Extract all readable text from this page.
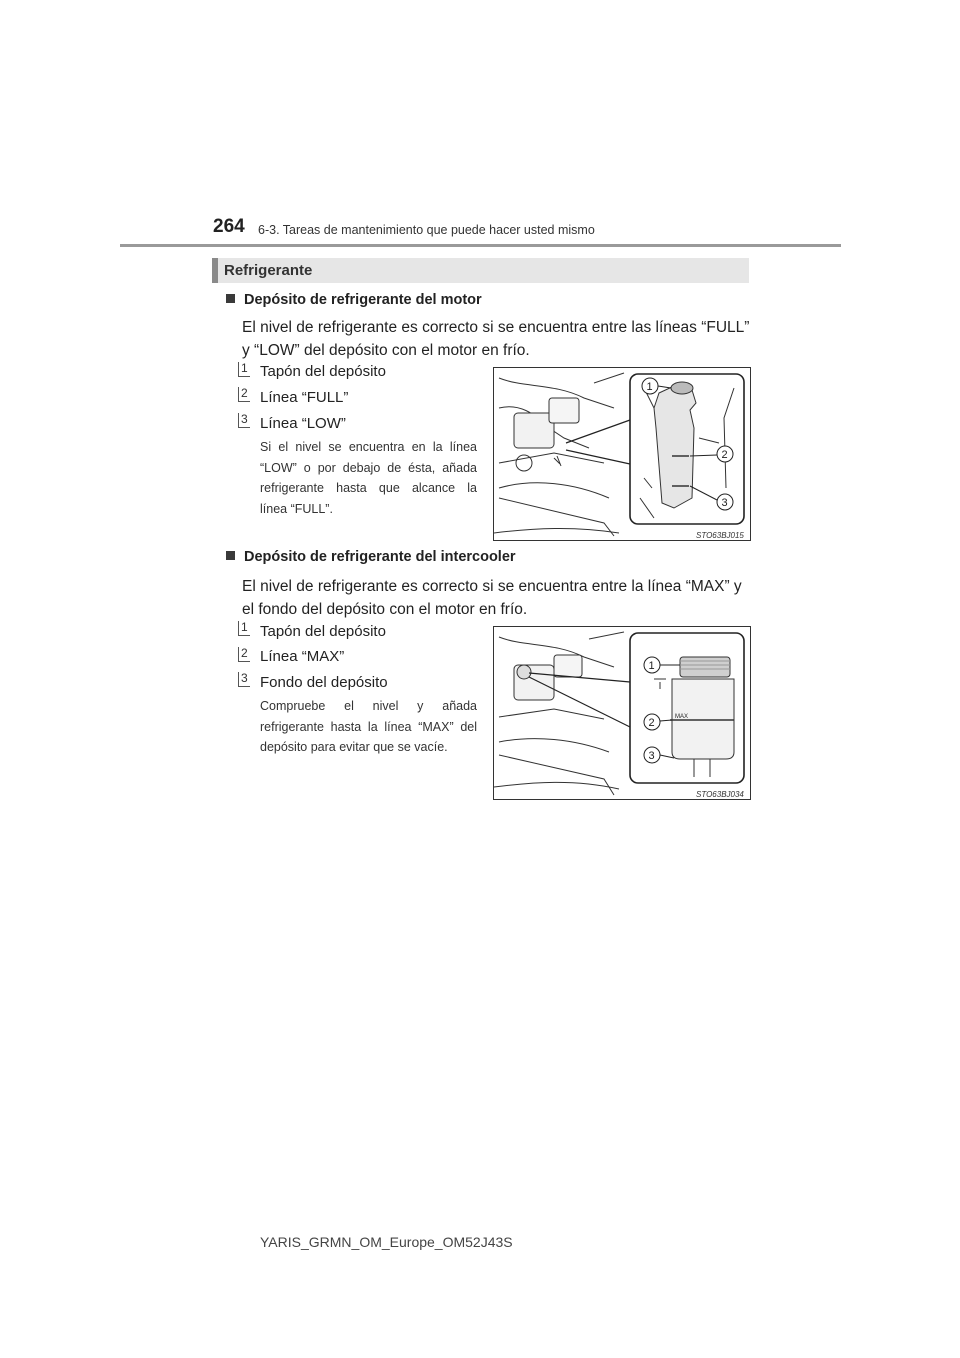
264 6-3. Tareas de mantenimiento que puede hacer usted mismo
Refrigerante
Depósito de refrigerante del motor
El nivel de refrigerante es correcto si se encuentra entre las líneas “FULL”
y “LOW” del depósito con el motor en frío.
1 Tapón del depósito
2 Línea “FULL”
3 Línea “LOW”
Si el nivel se encuentra en la línea
“LOW” o por debajo de ésta, añada
refrigerante hasta que alcance la
línea “FULL”.
1
2
3
STO63BJ015
Depósito de refrigerante del intercooler
El nivel de refrigerante es correcto si se encuentra entre la línea “MAX” y
el fondo del depósito con el motor en frío.
1 Tapón del depósito
2 Línea “MAX”
3 Fondo del depósito
Compruebe el nivel y añada
refrigerante hasta la línea “MAX” del
depósito para evitar que se vacíe.
MAX
1
2
3
STO63BJ034
YARIS_GRMN_OM_Europe_OM52J43S
